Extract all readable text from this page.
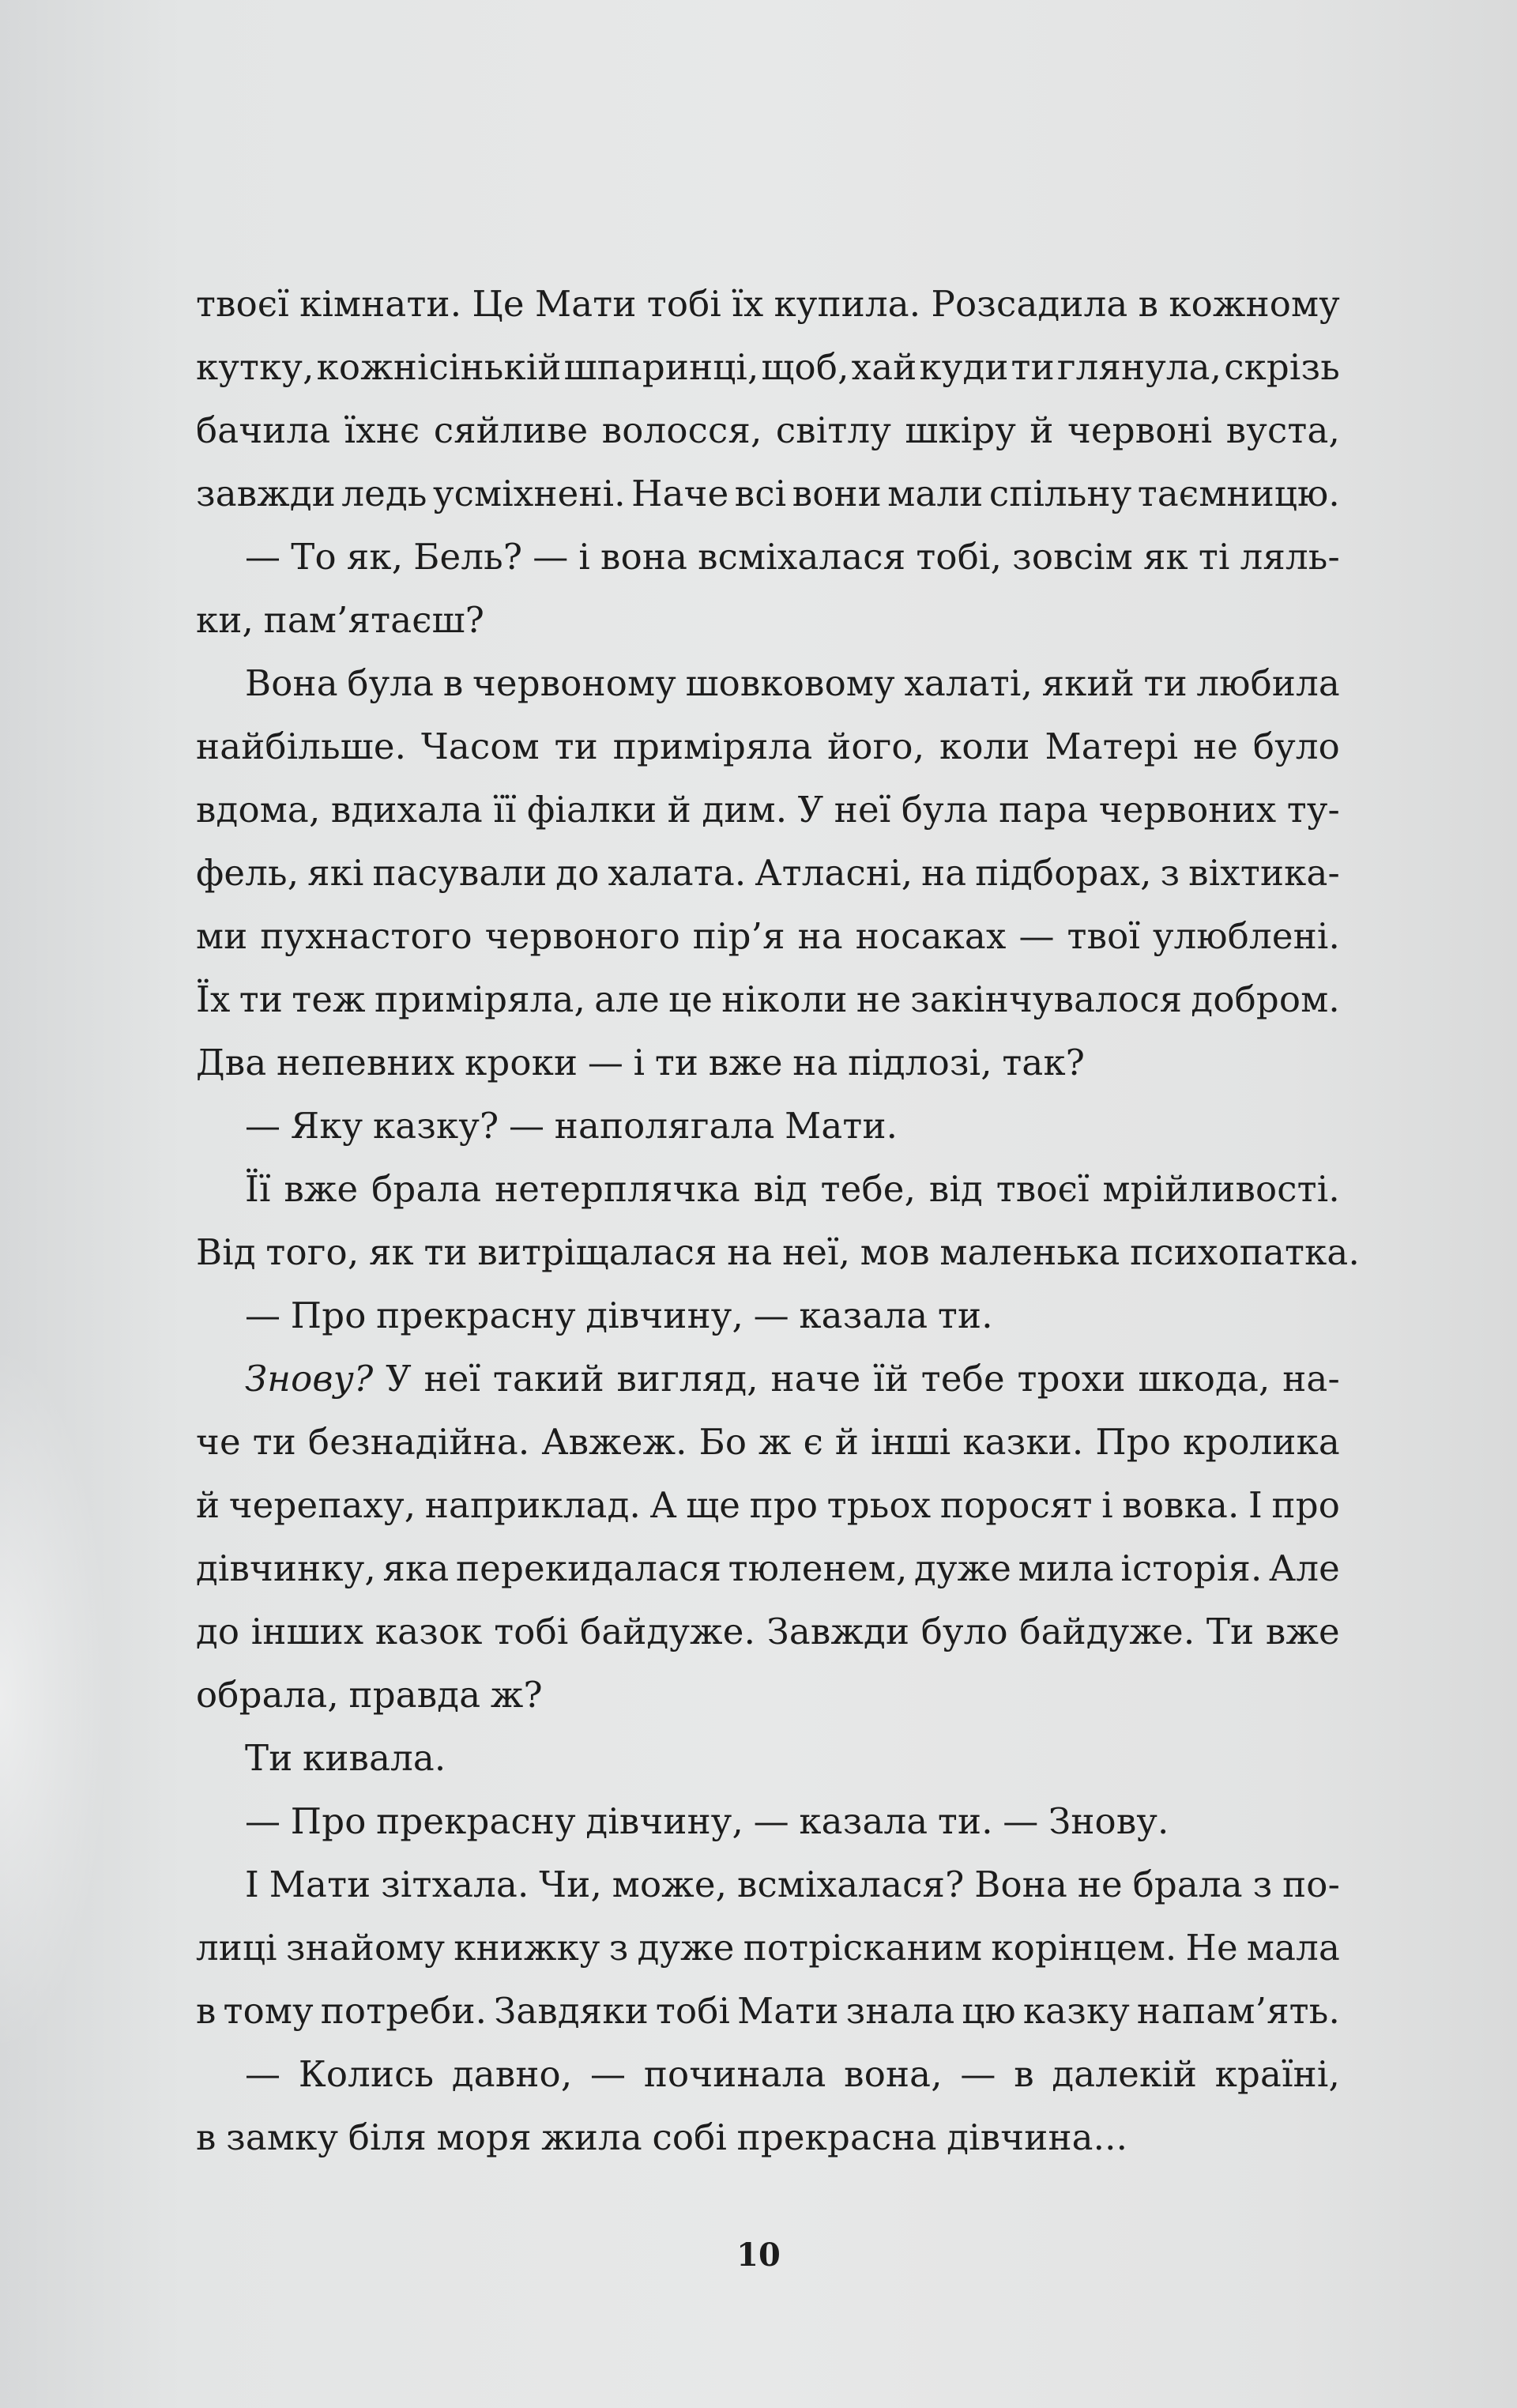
твоєї кімнати. Це Мати тобі їх купила. Розсадила в кожному
кутку, кожнісінькій шпаринці, щоб, хай куди ти глянула, скрізь
бачила їхнє сяйливе волосся, світлу шкіру й червоні вуста,
завжди ледь усміхнені. Наче всі вони мали спільну таємницю.
— То як, Бель? — і вона всміхалася тобі, зовсім як ті ляль-
ки, пам’ятаєш?
Вона була в червоному шовковому халаті, який ти любила
найбільше. Часом ти приміряла його, коли Матері не було
вдома, вдихала її фіалки й дим. У неї була пара червоних ту-
фель, які пасували до халата. Атласні, на підборах, з віхтика-
ми пухнастого червоного пір’я на носаках — твої улюблені.
Їх ти теж приміряла, але це ніколи не закінчувалося добром.
Два непевних кроки — і ти вже на підлозі, так?
— Яку казку? — наполягала Мати.
Її вже брала нетерплячка від тебе, від твоєї мрійливості.
Від того, як ти витріщалася на неї, мов маленька психопатка.
— Про прекрасну дівчину, — казала ти.
Знову? У неї такий вигляд, наче їй тебе трохи шкода, на-
че ти безнадійна. Авжеж. Бо ж є й інші казки. Про кролика
й черепаху, наприклад. А ще про трьох поросят і вовка. І про
дівчинку, яка перекидалася тюленем, дуже мила історія. Але
до інших казок тобі байдуже. Завжди було байдуже. Ти вже
обрала, правда ж?
Ти кивала.
— Про прекрасну дівчину, — казала ти. — Знову.
І Мати зітхала. Чи, може, всміхалася? Вона не брала з по-
лиці знайому книжку з дуже потрісканим корінцем. Не мала
в тому потреби. Завдяки тобі Мати знала цю казку напам’ять.
— Колись давно, — починала вона, — в далекій країні,
в замку біля моря жила собі прекрасна дівчина...
10
